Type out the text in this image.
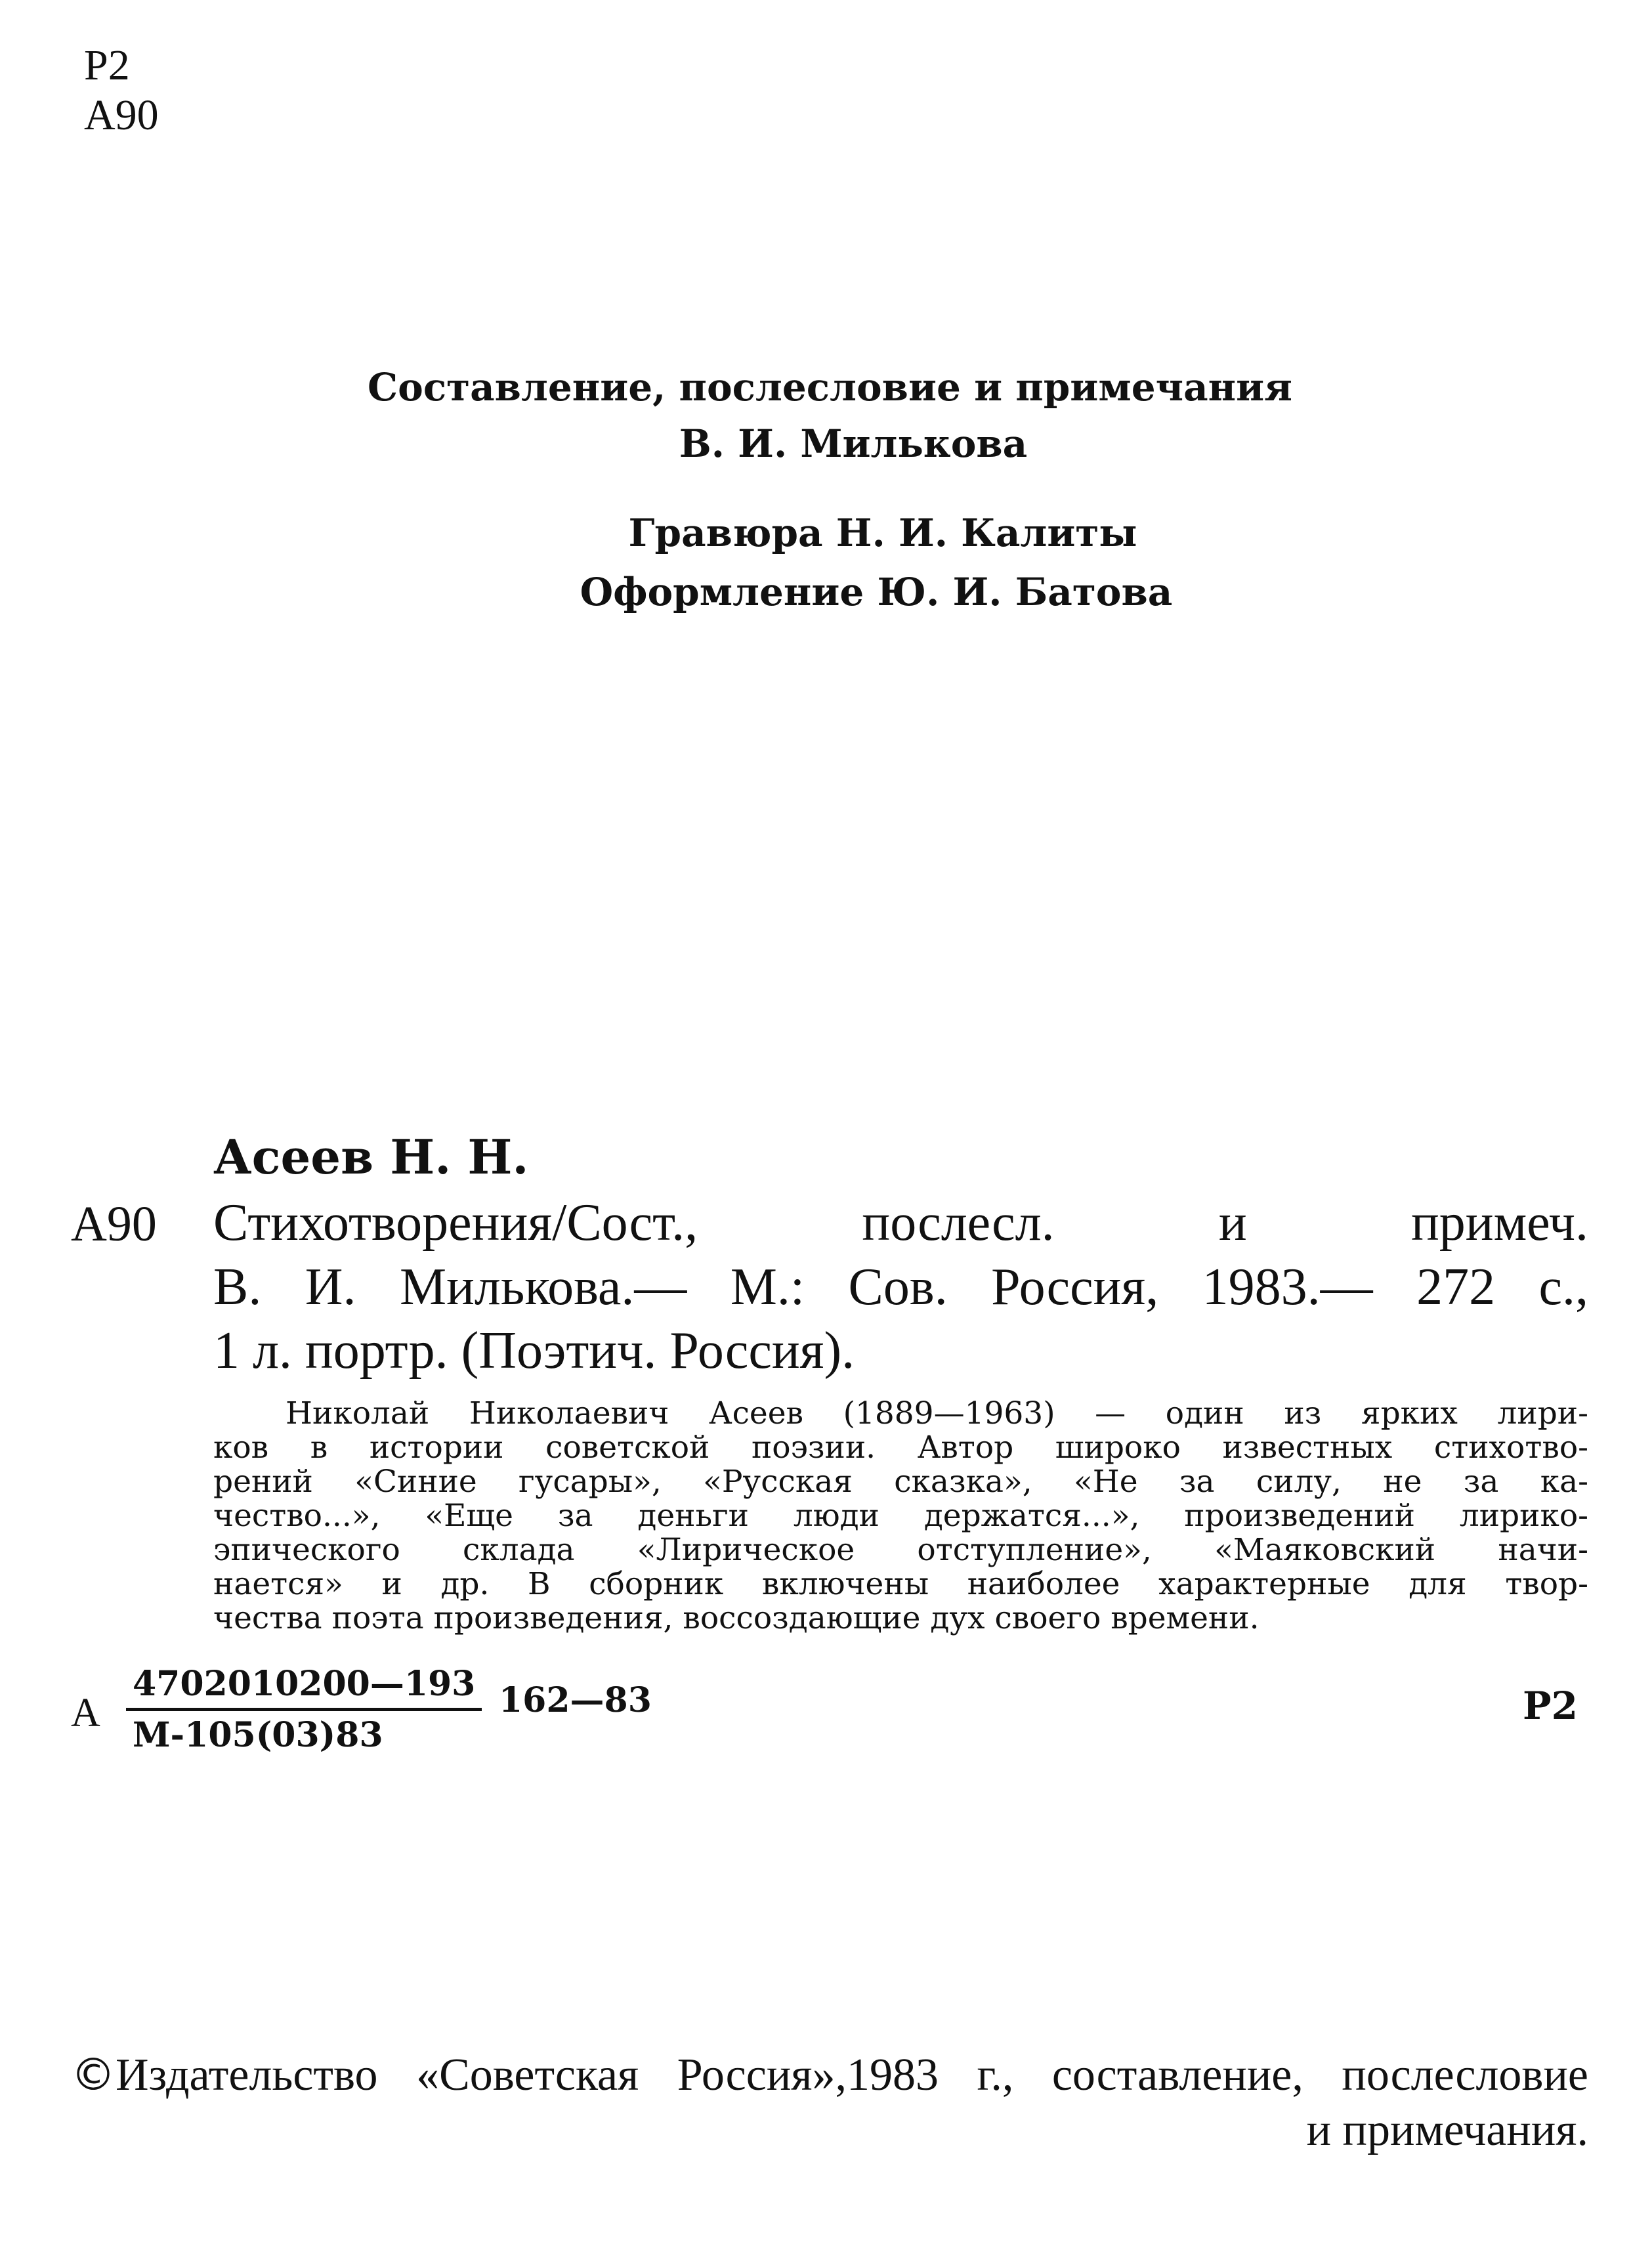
Р2
А90
Составление, послесловие и примечания
В. И. Милькова
Гравюра Н. И. Калиты
Оформление Ю. И. Батова
Асеев Н. Н.
А90 Стихотворения/Сост., послесл. и примеч.
В. И. Милькова.— М.: Сов. Россия, 1983.— 272 с.,
1 л. портр. (Поэтич. Россия).
Николай Николаевич Асеев (1889—1963) — один из ярких лири-
ков в истории советской поэзии. Автор широко известных стихотво-
рений «Синие гусары», «Русская сказка», «Не за силу, не за ка-
чество...», «Еще за деньги люди держатся...», произведений лирико-
эпического склада «Лирическое отступление», «Маяковский начи-
нается» и др. В сборник включены наиболее характерные для твор-
чества поэта произведения, воссоздающие дух своего времени.
А
4702010200—193
М-105(03)83
162—83	Р2
©Издательство «Советская Россия»,1983 г., составление, послесловие
и примечания.
